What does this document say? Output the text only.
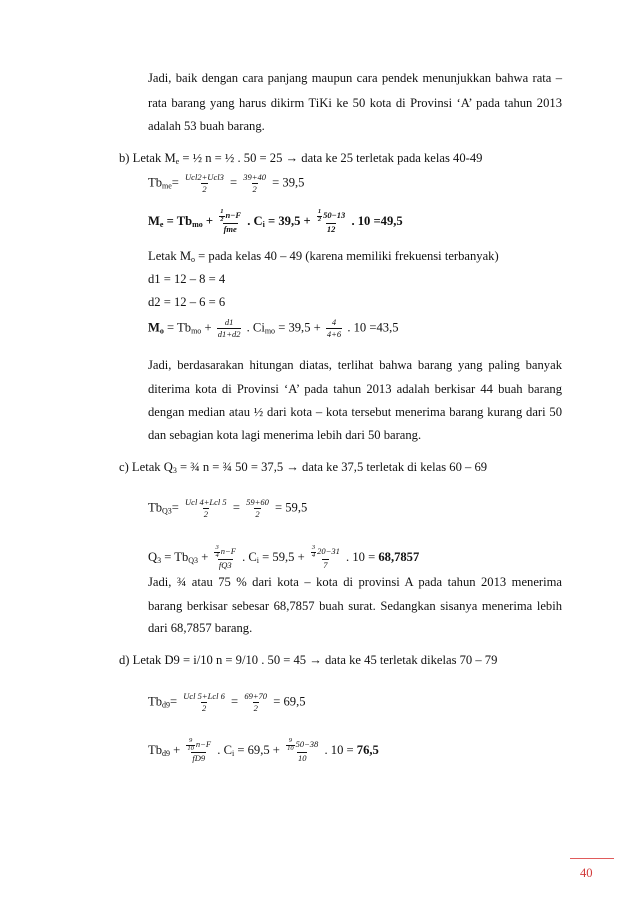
Jadi, baik dengan cara panjang maupun cara pendek menunjukkan bahwa rata –
rata barang yang harus dikirm TiKi ke 50 kota di Provinsi ‘A’ pada tahun 2013
adalah 53 buah barang.
b) Letak $M_e$ = ½ n = ½ . 50 = 25 → data ke 25 terletak pada kelas 40-49
$Tb_{me}= Ucl2+Ucl3$
$2 = \frac{39+40}{2} = 39,5$
$M_e = Tb_{mo} + \frac{1}{2} n-F$
fme
. $C_i = 39,5 + \frac{\frac{1}{2} 50-13}{12}$ . 10 =49,5
Letak $M_o$ = pada kelas 40 – 49 (karena memiliki frekuensi terbanyak)
d1 = 12 – 8 = 4
d2 = 12 – 6 = 6
$M_o = Tb_{mo} + \frac{d1}{d1+d2}$ . $Ci_{mo} = 39,5 + \frac{4}{4+6}$ . 10 =43,5
Jadi, berdasarakan hitungan diatas, terlihat bahwa barang yang paling banyak
diterima kota di Provinsi ‘A’ pada tahun 2013 adalah berkisar 44 buah barang
dengan median atau ½ dari kota – kota tersebut menerima barang kurang dari 50
dan sebagian kota lagi menerima lebih dari 50 barang.
c) Letak $Q_3$ = ¾ n = ¾ 50 = 37,5 → data ke 37,5 terletak di kelas 60 – 69
$Tb_{Q3}=$ Ucl 4+Lcl 5
$2 = \frac{59+60}{2} = 59,5$
$Q_3 = Tb_{Q3} + \frac{\frac{3}{4} n-F}{fQ3}$ . $C_i = 59,5 + \frac{\frac{3}{4} 20-31}{7}$ . 10 = 68,7857
Jadi, ¾ atau 75 % dari kota – kota di provinsi A pada tahun 2013 menerima
barang berkisar sebesar 68,7857 buah surat. Sedangkan sisanya menerima lebih
dari 68,7857 barang.
d) Letak D9 = i/10 n = 9/10 . 50 = 45 → data ke 45 terletak dikelas 70 – 79
$Tb_{d9}=$ Ucl 5+Lcl 6
$2 = \frac{69+70}{2} = 69,5$
$Tb_{d9} + \frac{\frac{9}{10} n-F}{fD9}$ . $C_i = 69,5 + \frac{\frac{9}{10} 50-38}{10}$ . 10 = 76,5
40
